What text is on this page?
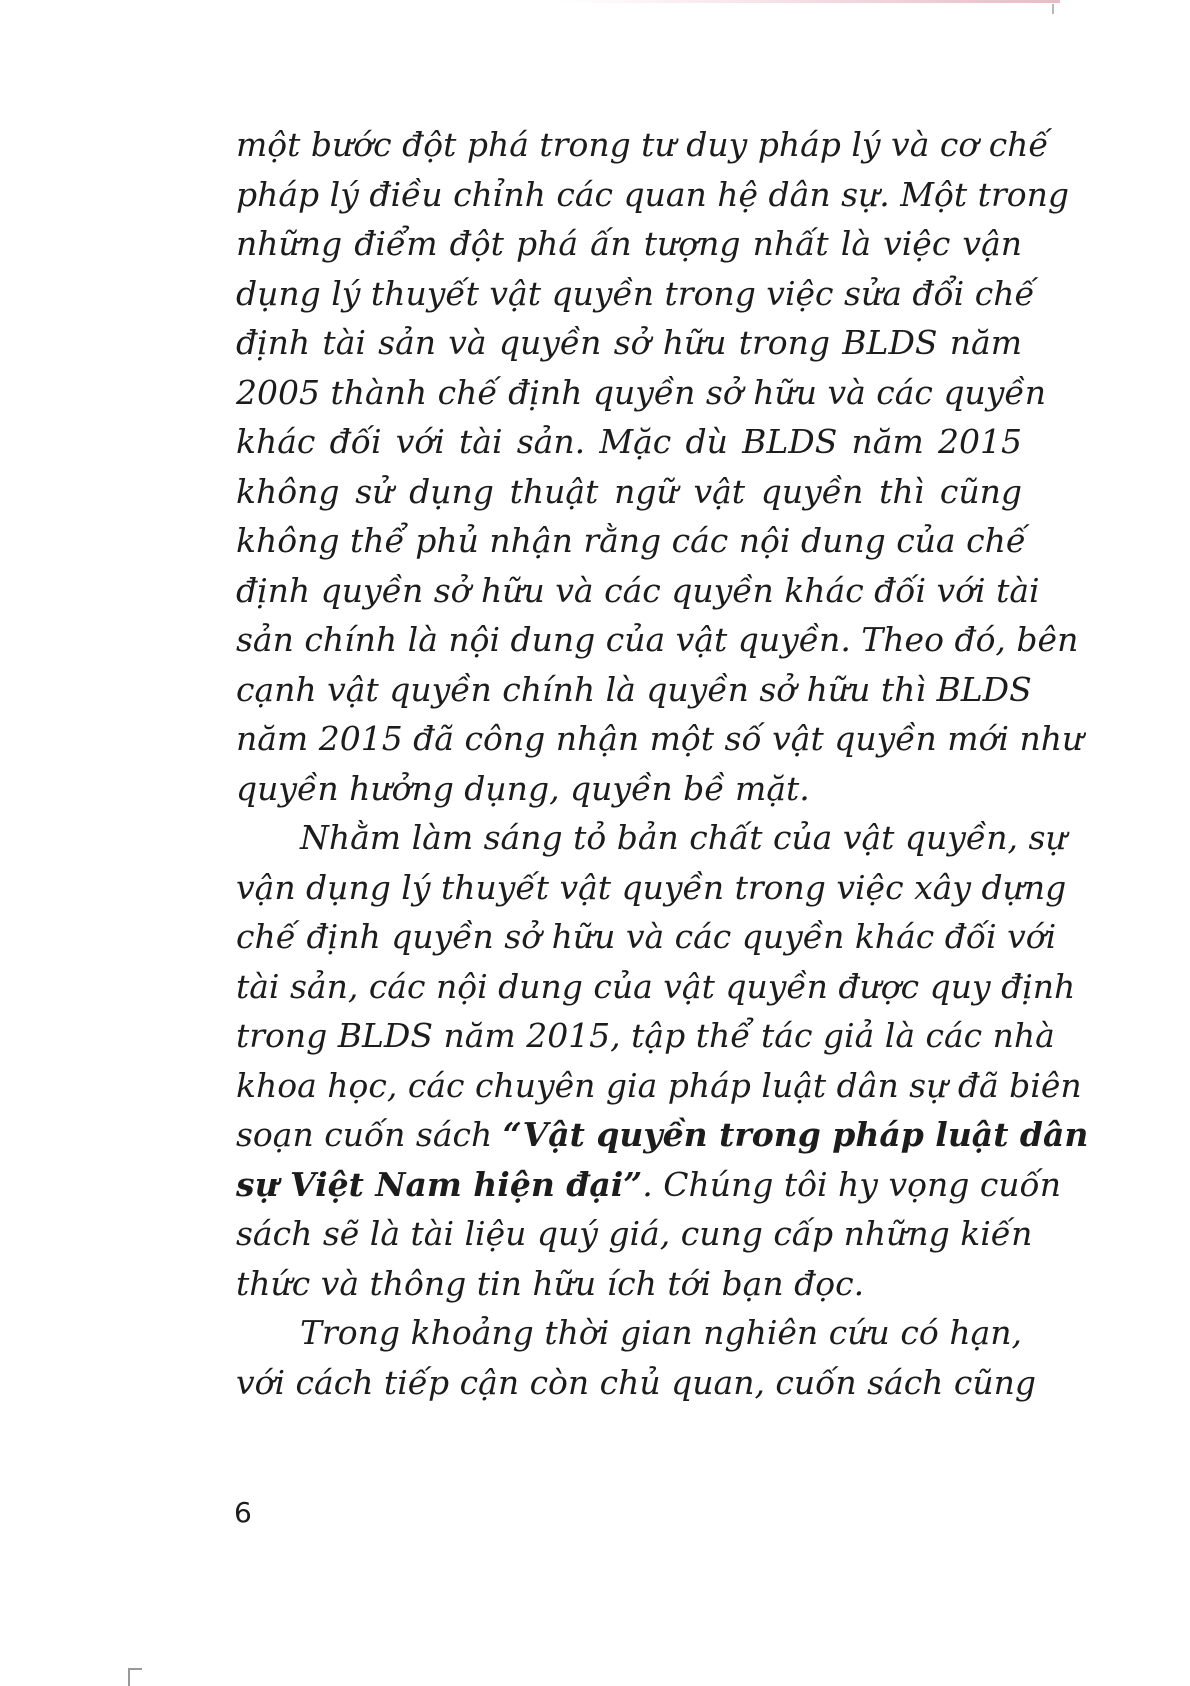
một bước đột phá trong tư duy pháp lý và cơ chế
pháp lý điều chỉnh các quan hệ dân sự. Một trong
những điểm đột phá ấn tượng nhất là việc vận
dụng lý thuyết vật quyền trong việc sửa đổi chế
định tài sản và quyền sở hữu trong BLDS năm
2005 thành chế định quyền sở hữu và các quyền
khác đối với tài sản. Mặc dù BLDS năm 2015
không sử dụng thuật ngữ vật quyền thì cũng
không thể phủ nhận rằng các nội dung của chế
định quyền sở hữu và các quyền khác đối với tài
sản chính là nội dung của vật quyền. Theo đó, bên
cạnh vật quyền chính là quyền sở hữu thì BLDS
năm 2015 đã công nhận một số vật quyền mới như
quyền hưởng dụng, quyền bề mặt.
Nhằm làm sáng tỏ bản chất của vật quyền, sự
vận dụng lý thuyết vật quyền trong việc xây dựng
chế định quyền sở hữu và các quyền khác đối với
tài sản, các nội dung của vật quyền được quy định
trong BLDS năm 2015, tập thể tác giả là các nhà
khoa học, các chuyên gia pháp luật dân sự đã biên
soạn cuốn sách “Vật quyền trong pháp luật dân
sự Việt Nam hiện đại”. Chúng tôi hy vọng cuốn
sách sẽ là tài liệu quý giá, cung cấp những kiến
thức và thông tin hữu ích tới bạn đọc.
Trong khoảng thời gian nghiên cứu có hạn,
với cách tiếp cận còn chủ quan, cuốn sách cũng
6
